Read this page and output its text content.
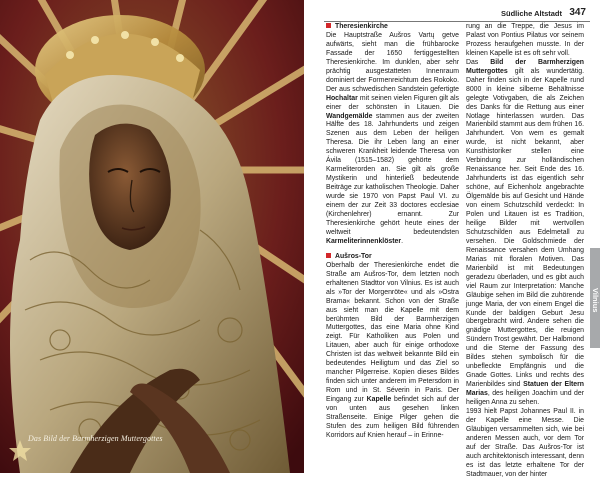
Das Bild der Barmherzigen Muttergottes
Südliche Altstadt 347

Theresienkirche

Die Hauptstraße Aušros Vartų getve aufwärts, sieht man die frühbarocke Fassade der 1650 fertiggestellten Theresienkirche. Im dunklen, aber sehr prächtig ausgestatteten Innenraum dominiert der Formenreichtum des Rokoko. Der aus schwedischen Sandstein gefertigte Hochaltar mit seinen vielen Figuren gilt als einer der schönsten in Litauen. Die Wandgemälde stammen aus der zweiten Hälfte des 18. Jahrhunderts und zeigen Szenen aus dem Leben der heiligen Theresa. Die ihr Leben lang an einer schweren Krankheit leidende Theresa von Ávila (1515–1582) gehörte dem Karmeliterorden an. Sie gilt als große Mystikerin und hinterließ bedeutende Beiträge zur katholischen Theologie. Daher wurde sie 1970 von Papst Paul VI. zu einem der zur Zeit 33 doctores ecclesiae (Kirchenlehrer) ernannt. Zur Theresienkirche gehört heute eines der weltweit bedeutendsten Karmeliterinnenklöster.

Aušros-Tor

Oberhalb der Theresienkirche endet die Straße am Aušros-Tor, dem letzten noch erhaltenen Stadttor von Vilnius. Es ist auch als »Tor der Morgenröte« und als »Ostra Brama« bekannt. Schon von der Straße aus sieht man die Kapelle mit dem berühmten Bild der Barmherzigen Muttergottes, das eine Maria ohne Kind zeigt. Für Katholiken aus Polen und Litauen, aber auch für einige orthodoxe Christen ist das weltweit bekannte Bild ein bedeutendes Heiligtum und das Ziel so mancher Pilgerreise. Kopien dieses Bildes finden sich unter anderem im Petersdom in Rom und in St. Séverin in Paris. Der Eingang zur Kapelle befindet sich auf der von unten aus gesehen linken Straßenseite. Einige Pilger gehen die Stufen des zum heiligen Bild führenden Korridors auf Knien herauf – in Erinne-

rung an die Treppe, die Jesus im Palast von Pontius Pilatus vor seinem Prozess heraufgehen musste. In der kleinen Kapelle ist es oft sehr voll.

Das Bild der Barmherzigen Muttergottes gilt als wundertätig. Daher finden sich in der Kapelle rund 8000 in kleine silberne Behältnisse gelegte Votivgaben, die als Zeichen des Danks für die Rettung aus einer Notlage hinterlassen wurden. Das Marienbild stammt aus dem frühen 16. Jahrhundert. Von wem es gemalt wurde, ist nicht bekannt, aber Kunsthistoriker stellen eine Verbindung zur holländischen Renaissance her. Seit Ende des 16. Jahrhunderts ist das eigentlich sehr schöne, auf Eichenholz angebrachte Ölgemälde bis auf Gesicht und Hände von einem Schutzschild verdeckt: In Polen und Litauen ist es Tradition, heilige Bilder mit wertvollen Schutzschilden aus Edelmetall zu versehen. Die Goldschmiede der Renaissance versahen dem Umhang Marias mit floralen Motiven. Das Marienbild ist mit Bedeutungen geradezu überladen, und es gibt auch viel Raum zur Interpretation: Manche Gläubige sehen im Bild die zuhörende junge Maria, der von einem Engel die Kunde der baldigen Geburt Jesu übergebracht wird. Andere sehen die gnädige Muttergottes, die reuigen Sündern Trost gewährt. Der Halbmond und die Sterne der Fassung des Bildes stehen symbolisch für die unbefleckte Empfängnis und die Gnade Gottes. Links und rechts des Marienbildes sind Statuen der Eltern Marias, des heiligen Joachim und der heiligen Anna zu sehen.

1993 hielt Papst Johannes Paul II. in der Kapelle eine Messe. Die Gläubigen versammelten sich, wie bei anderen Messen auch, vor dem Tor auf der Straße. Das Aušros-Tor ist auch architektonisch interessant, denn es ist das letzte erhaltene Tor der Stadtmauer, von der hinter

Vilnius
